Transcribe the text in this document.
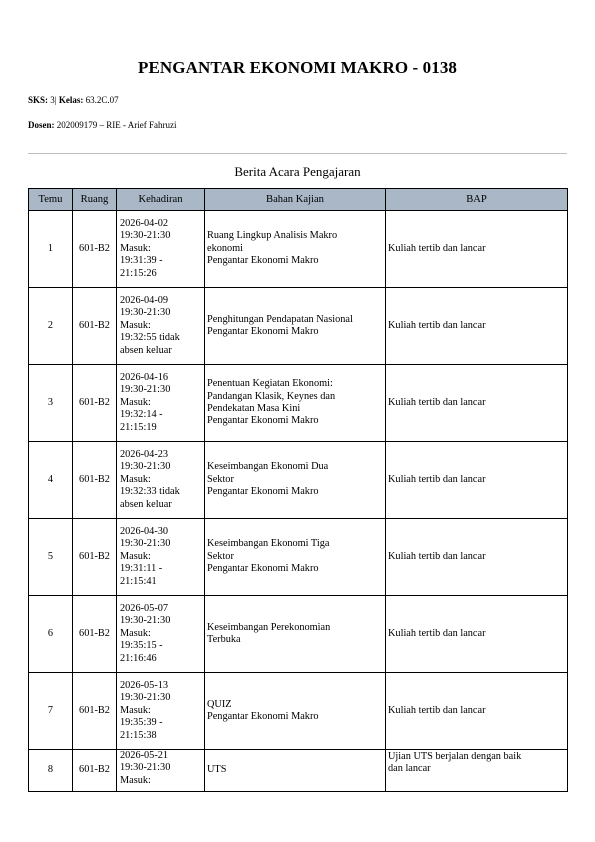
PENGANTAR EKONOMI MAKRO - 0138
SKS: 3| Kelas: 63.2C.07
Dosen: 202009179 – RIE - Arief Fahruzi
Berita Acara Pengajaran
Temu	Ruang	Kehadiran	Bahan Kajian	BAP
1	601-B2	2026-04-02
19:30-21:30
Masuk:
19:31:39 -
21:15:26	Ruang Lingkup Analisis Makro
ekonomi
Pengantar Ekonomi Makro	Kuliah tertib dan lancar

2	601-B2	2026-04-09
19:30-21:30
Masuk:
19:32:55 tidak
absen keluar	Penghitungan Pendapatan Nasional
Pengantar Ekonomi Makro	Kuliah tertib dan lancar

3	601-B2	2026-04-16
19:30-21:30
Masuk:
19:32:14 -
21:15:19	Penentuan Kegiatan Ekonomi:
Pandangan Klasik, Keynes dan
Pendekatan Masa Kini
Pengantar Ekonomi Makro	Kuliah tertib dan lancar

4	601-B2	2026-04-23
19:30-21:30
Masuk:
19:32:33 tidak
absen keluar	Keseimbangan Ekonomi Dua
Sektor
Pengantar Ekonomi Makro	Kuliah tertib dan lancar

5	601-B2	2026-04-30
19:30-21:30
Masuk:
19:31:11 -
21:15:41	Keseimbangan Ekonomi Tiga
Sektor
Pengantar Ekonomi Makro	Kuliah tertib dan lancar

6	601-B2	2026-05-07
19:30-21:30
Masuk:
19:35:15 -
21:16:46	Keseimbangan Perekonomian
Terbuka	Kuliah tertib dan lancar

7	601-B2	2026-05-13
19:30-21:30
Masuk:
19:35:39 -
21:15:38	QUIZ
Pengantar Ekonomi Makro	Kuliah tertib dan lancar

8	601-B2	2026-05-21
19:30-21:30
Masuk:	UTS	Ujian UTS berjalan dengan baik
dan lancar
